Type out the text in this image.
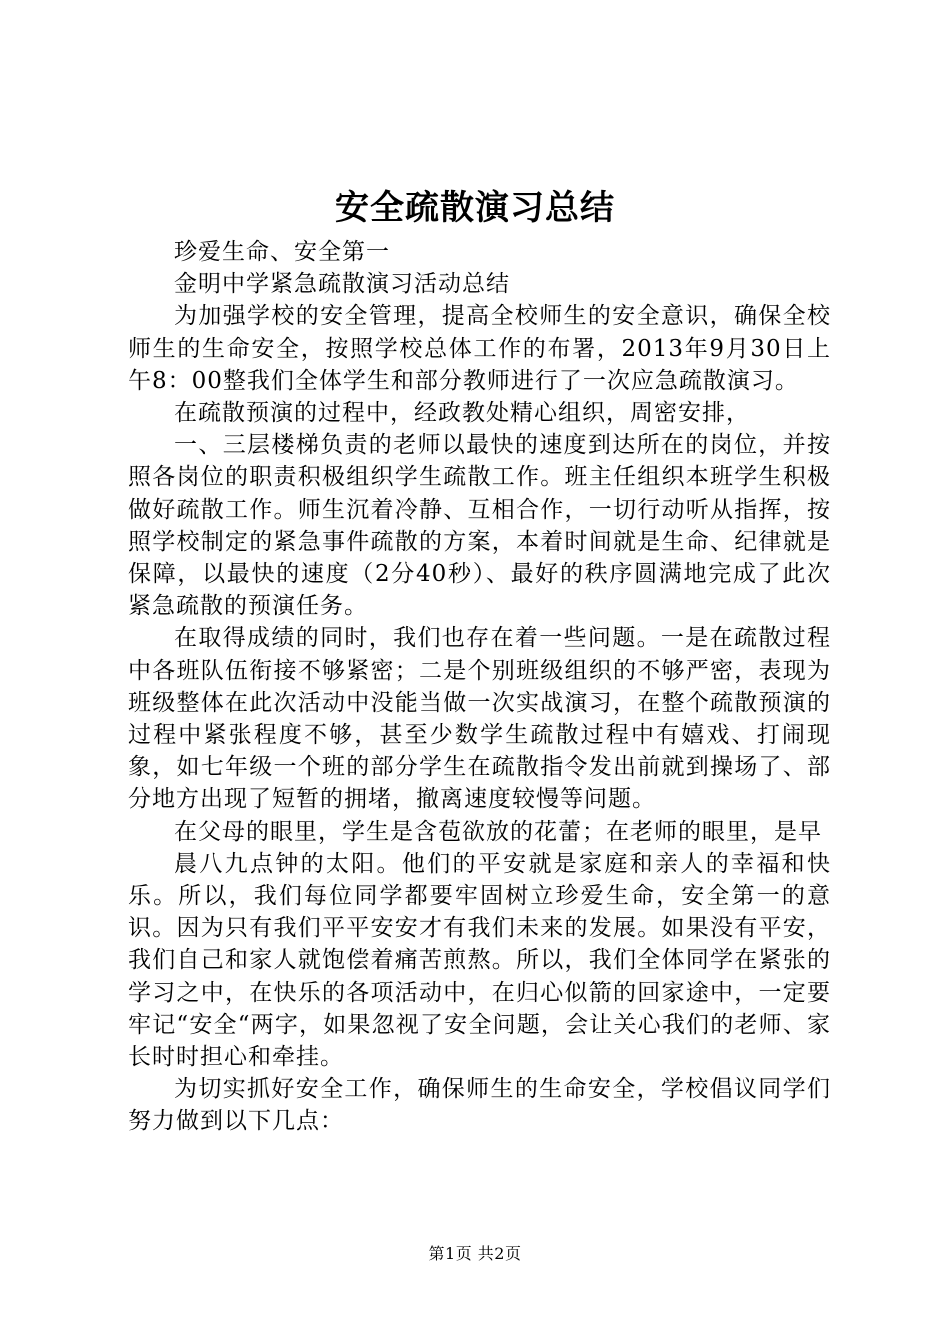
安全疏散演习总结

珍爱生命、安全第一

金明中学紧急疏散演习活动总结

为加强学校的安全管理，提高全校师生的安全意识，确保全校师生的生命安全，按照学校总体工作的布署，2013年9月30日上午8：00整我们全体学生和部分教师进行了一次应急疏散演习。

在疏散预演的过程中，经政教处精心组织，周密安排，

一、三层楼梯负责的老师以最快的速度到达所在的岗位，并按照各岗位的职责积极组织学生疏散工作。班主任组织本班学生积极做好疏散工作。师生沉着冷静、互相合作，一切行动听从指挥，按照学校制定的紧急事件疏散的方案，本着时间就是生命、纪律就是保障，以最快的速度（2分40秒）、最好的秩序圆满地完成了此次紧急疏散的预演任务。

在取得成绩的同时，我们也存在着一些问题。一是在疏散过程中各班队伍衔接不够紧密；二是个别班级组织的不够严密，表现为班级整体在此次活动中没能当做一次实战演习，在整个疏散预演的过程中紧张程度不够，甚至少数学生疏散过程中有嬉戏、打闹现象，如七年级一个班的部分学生在疏散指令发出前就到操场了、部分地方出现了短暂的拥堵，撤离速度较慢等问题。

在父母的眼里，学生是含苞欲放的花蕾；在老师的眼里，是早

晨八九点钟的太阳。他们的平安就是家庭和亲人的幸福和快乐。所以，我们每位同学都要牢固树立珍爱生命，安全第一的意识。因为只有我们平平安安才有我们未来的发展。如果没有平安，我们自己和家人就饱偿着痛苦煎熬。所以，我们全体同学在紧张的学习之中，在快乐的各项活动中，在归心似箭的回家途中，一定要牢记“安全“两字，如果忽视了安全问题，会让关心我们的老师、家长时时担心和牵挂。

为切实抓好安全工作，确保师生的生命安全，学校倡议同学们努力做到以下几点：

第1页 共2页
